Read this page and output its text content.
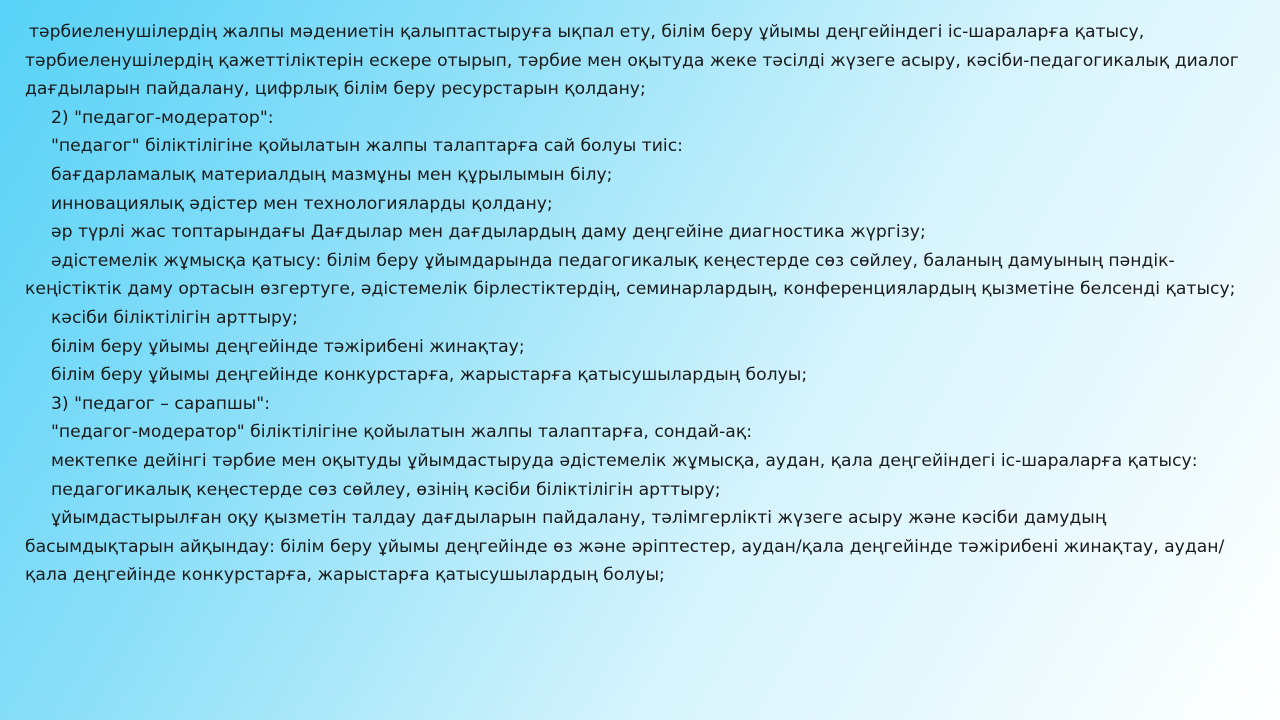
тәрбиеленушілердің жалпы мәдениетін қалыптастыруға ықпал ету, білім беру ұйымы деңгейіндегі іс-шараларға қатысу, тәрбиеленушілердің қажеттіліктерін ескере отырып, тәрбие мен оқытуда жеке тәсілді жүзеге асыру, кәсіби-педагогикалық диалог дағдыларын пайдалану, цифрлық білім беру ресурстарын қолдану;

2) "педагог-модератор":

"педагог" біліктілігіне қойылатын жалпы талаптарға сай болуы тиіс:

бағдарламалық материалдың мазмұны мен құрылымын білу;

инновациялық әдістер мен технологияларды қолдану;

әр түрлі жас топтарындағы Дағдылар мен дағдылардың даму деңгейіне диагностика жүргізу;

әдістемелік жұмысқа қатысу: білім беру ұйымдарында педагогикалық кеңестерде сөз сөйлеу, баланың дамуының пәндік-кеңістіктік даму ортасын өзгертуге, әдістемелік бірлестіктердің, семинарлардың, конференциялардың қызметіне белсенді қатысу;

кәсіби біліктілігін арттыру;

білім беру ұйымы деңгейінде тәжірибені жинақтау;

білім беру ұйымы деңгейінде конкурстарға, жарыстарға қатысушылардың болуы;

3) "педагог – сарапшы":

"педагог-модератор" біліктілігіне қойылатын жалпы талаптарға, сондай-ақ:

мектепке дейінгі тәрбие мен оқытуды ұйымдастыруда әдістемелік жұмысқа, аудан, қала деңгейіндегі іс-шараларға қатысу:

педагогикалық кеңестерде сөз сөйлеу, өзінің кәсіби біліктілігін арттыру;

ұйымдастырылған оқу қызметін талдау дағдыларын пайдалану, тәлімгерлікті жүзеге асыру және кәсіби дамудың басымдықтарын айқындау: білім беру ұйымы деңгейінде өз және әріптестер, аудан/қала деңгейінде тәжірибені жинақтау, аудан/қала деңгейінде конкурстарға, жарыстарға қатысушылардың болуы;
